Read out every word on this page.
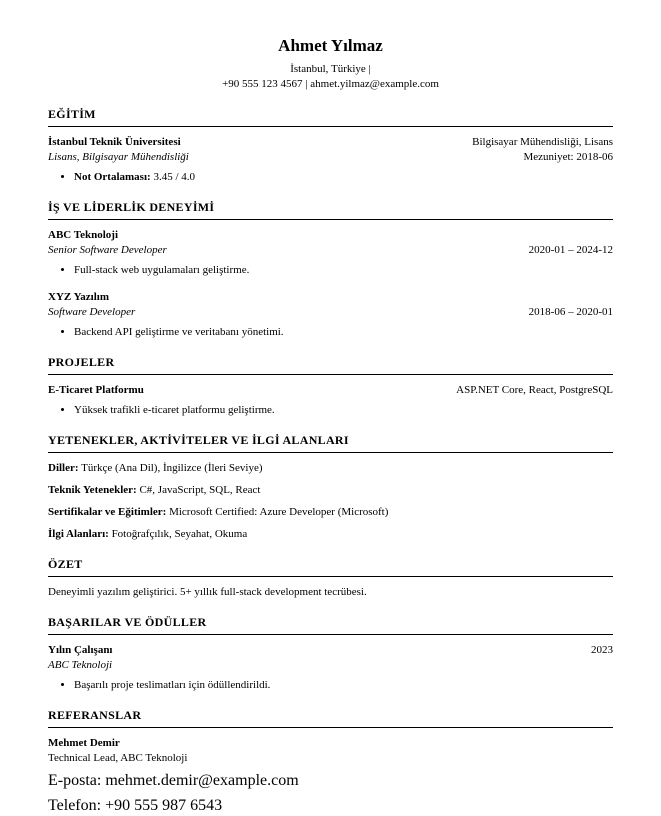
Ahmet Yılmaz
İstanbul, Türkiye |
+90 555 123 4567 | ahmet.yilmaz@example.com
EĞİTİM
İstanbul Teknik Üniversitesi	Bilgisayar Mühendisliği, Lisans
Lisans, Bilgisayar Mühendisliği	Mezuniyet: 2018-06
• Not Ortalaması: 3.45 / 4.0
İŞ VE LİDERLİK DENEYİMİ
ABC Teknoloji
Senior Software Developer	2020-01 – 2024-12
• Full-stack web uygulamaları geliştirme.
XYZ Yazılım
Software Developer	2018-06 – 2020-01
• Backend API geliştirme ve veritabanı yönetimi.
PROJELER
E-Ticaret Platformu	ASP.NET Core, React, PostgreSQL
• Yüksek trafikli e-ticaret platformu geliştirme.
YETENEKLER, AKTİVİTELER VE İLGİ ALANLARI
Diller: Türkçe (Ana Dil), İngilizce (İleri Seviye)
Teknik Yetenekler: C#, JavaScript, SQL, React
Sertifikalar ve Eğitimler: Microsoft Certified: Azure Developer (Microsoft)
İlgi Alanları: Fotoğrafçılık, Seyahat, Okuma
ÖZET
Deneyimli yazılım geliştirici. 5+ yıllık full-stack development tecrübesi.
BAŞARILAR VE ÖDÜLLER
Yılın Çalışanı	2023
ABC Teknoloji
• Başarılı proje teslimatları için ödüllendirildi.
REFERANSLAR
Mehmet Demir
Technical Lead, ABC Teknoloji
E-posta: mehmet.demir@example.com
Telefon: +90 555 987 6543
